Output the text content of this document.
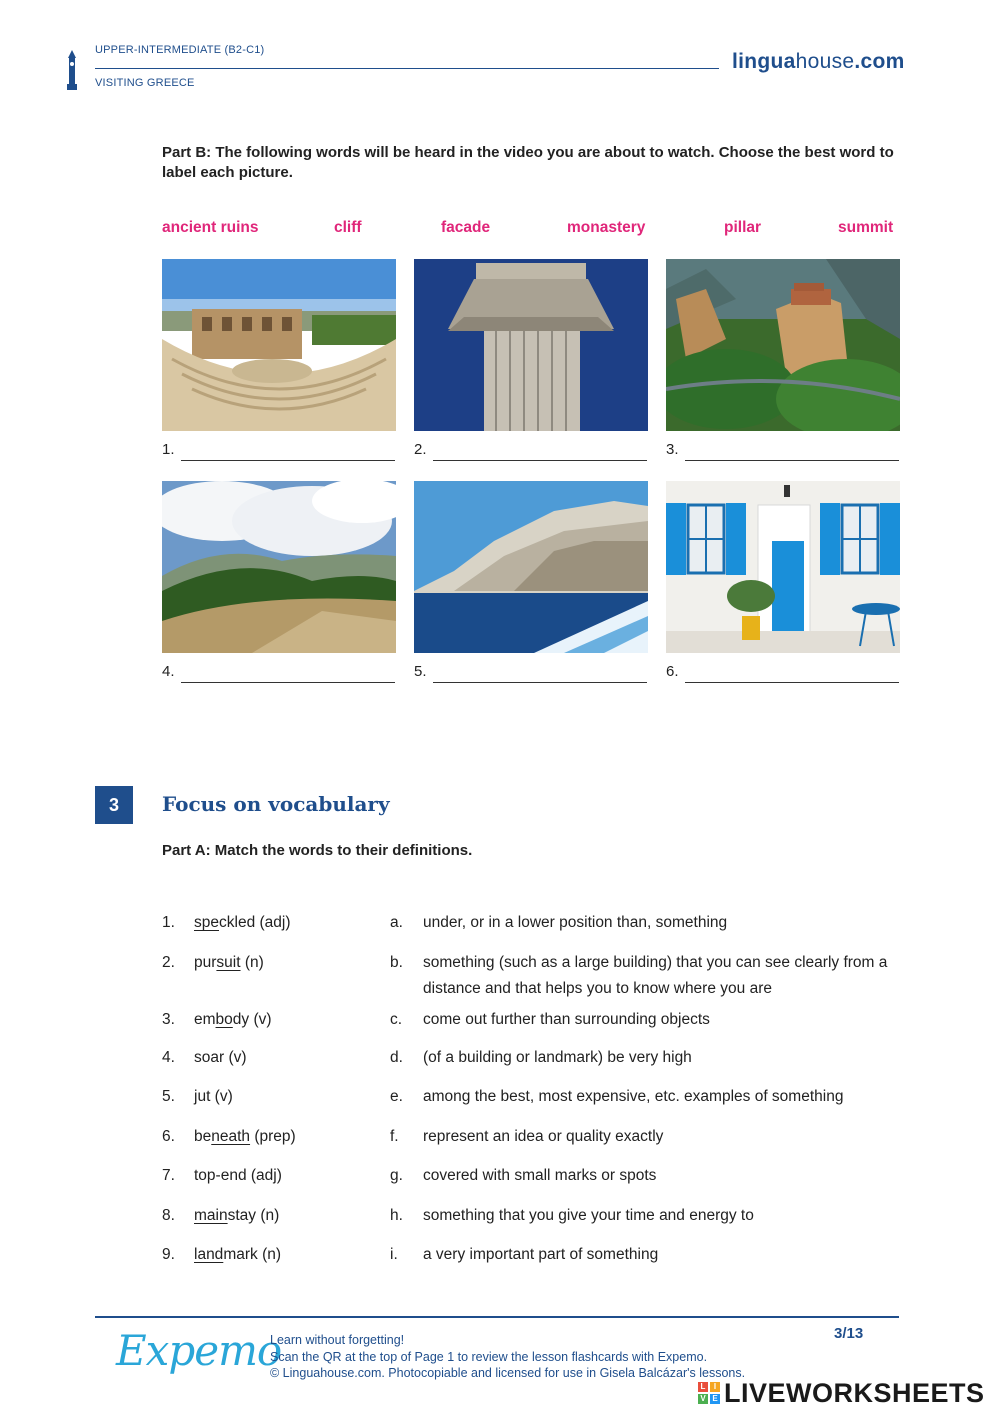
UPPER-INTERMEDIATE (B2-C1)
VISITING GREECE
linguahouse.com
Part B: The following words will be heard in the video you are about to watch. Choose the best word to label each picture.
ancient ruins	cliff	facade	monastery	pillar	summit
1.	2.	3.
4.	5.	6.
3	Focus on vocabulary
Part A: Match the words to their definitions.
1. speckled (adj)	a. under, or in a lower position than, something
2. pursuit (n)	b. something (such as a large building) that you can see clearly from a distance and that helps you to know where you are
3. embody (v)	c. come out further than surrounding objects
4. soar (v)	d. (of a building or landmark) be very high
5. jut (v)	e. among the best, most expensive, etc. examples of something
6. beneath (prep)	f. represent an idea or quality exactly
7. top-end (adj)	g. covered with small marks or spots
8. mainstay (n)	h. something that you give your time and energy to
9. landmark (n)	i. a very important part of something
Expemo
Learn without forgetting!
Scan the QR at the top of Page 1 to review the lesson flashcards with Expemo.
© Linguahouse.com. Photocopiable and licensed for use in Gisela Balcázar's lessons.
3/13
L	I
V E LIVEWORKSHEETS
